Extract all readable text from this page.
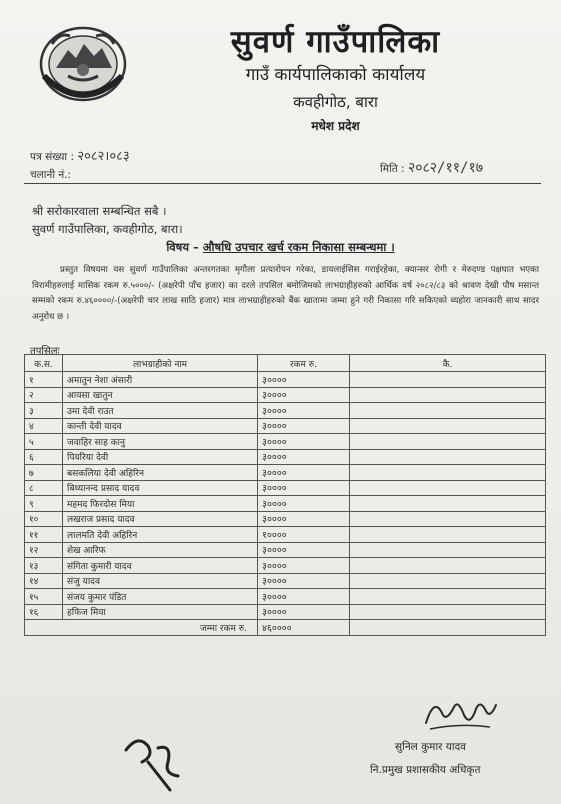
सुवर्ण गाउँपालिका
गाउँ कार्यपालिकाको कार्यालय
कवहीगोठ, बारा
मधेश प्रदेश
पत्र संख्या : २०८२।०८३
चलानी नं.:	मिति : २०८२/११/१७
श्री सरोकारवाला सम्बन्धित सबै ।
सुवर्ण गाउँपालिका, कवहीगोठ, बारा।
विषय – औषधि उपचार खर्च रकम निकासा सम्बन्धमा ।

प्रस्तुत विषयमा यस सुवर्ण गाउँपालिका अन्तरगतका मृगौला प्रत्यारोपन गरेका, डायलाईसिस गराईरहेका, क्यान्सर रोगी र मेरुदण्ड पक्षघात भएका विरामीहरुलाई मासिक रकम रु.५०००/- (अक्षरेपी पाँच हजार) का दरले तपसिल बमोजिमको लाभग्राहीहरुको आर्थिक वर्ष २०८२/८३ को श्रावण देखी पौष मसान्त सम्मको रकम रु.४६००००/-(अक्षरेपी चार लाख साठि हजार) मात्र लाभग्राहीहरुको बैंक खातामा जम्मा हुने गरी निकासा गरि सकिएको व्यहोरा जानकारी साथ सादर अनुरोध छ ।

तपसिलः
क.स.	लाभग्राहीको नाम	रकम रु.	कै.
१	अमातुन नेशा अंसारी	३००००	
२	आयसा खातुन	३००००	
३	उमा देवी राउत	३००००	
४	कान्ती देवी यादव	३००००	
५	जवाहिर साह कानु	३००००	
६	पियरिया देवी	३००००	
७	बसकलिया देवी अहिरिन	३००००	
८	बिध्यानन्द प्रसाद यादव	३००००	
९	महमद फिरदोस मिया	३००००	
१०	लखराज प्रसाद यादव	३००००	
११	लालमति देवी अहिरिन	१००००	
१२	शेख आरिफ	३००००	
१३	संगिता कुमारी यादव	३००००	
१४	संजु यादव	३००००	
१५	संजय कुमार पंडित	३००००	
१६	हफिज मिया	३००००	
जम्मा रकम रु.		४६००००	
सुनिल कुमार यादव
नि.प्रमुख प्रशासकीय अधिकृत
